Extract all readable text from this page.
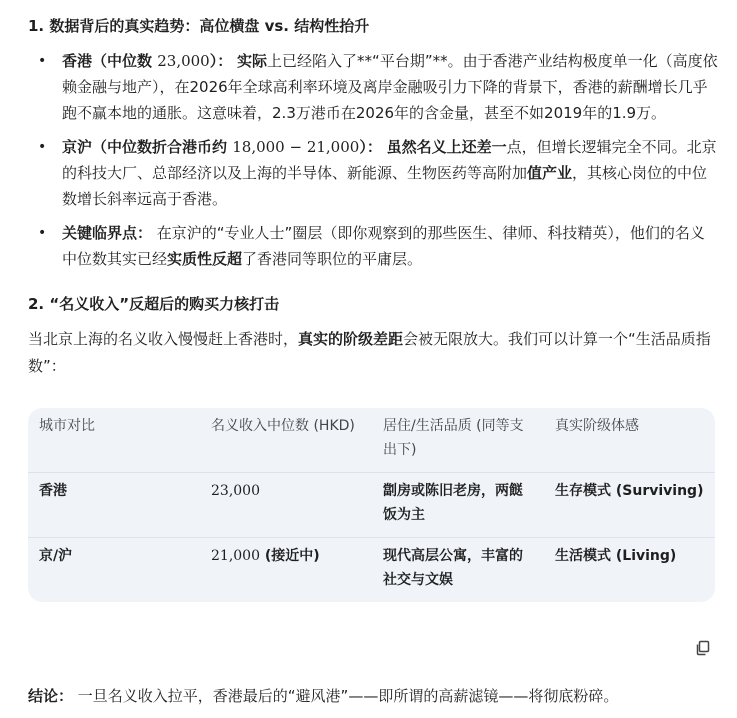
1. 数据背后的真实趋势：高位横盘 vs. 结构性抬升
• 香港（中位数 23,000）： 实际上已经陷入了**“平台期”**。由于香港产业结构极度单一化（高度依赖金融与地产），在2026年全球高利率环境及离岸金融吸引力下降的背景下，香港的薪酬增长几乎跑不赢本地的通胀。这意味着，2.3万港币在2026年的含金量，甚至不如2019年的1.9万。
• 京沪（中位数折合港币约 18,000 − 21,000）： 虽然名义上还差一点，但增长逻辑完全不同。北京的科技大厂、总部经济以及上海的半导体、新能源、生物医药等高附加值产业，其核心岗位的中位数增长斜率远高于香港。
• 关键临界点： 在京沪的“专业人士”圈层（即你观察到的那些医生、律师、科技精英），他们的名义中位数其实已经实质性反超了香港同等职位的平庸层。
2. “名义收入”反超后的购买力核打击

当北京上海的名义收入慢慢赶上香港时，真实的阶级差距会被无限放大。我们可以计算一个“生活品质指数”：

城市对比	名义收入中位数 (HKD)	居住/生活品质 (同等支出下)	真实阶级体感
香港	23,000	劏房或陈旧老房，两餸饭为主	生存模式 (Surviving)
京/沪	21,000 (接近中)	现代高层公寓，丰富的社交与文娱	生活模式 (Living)
结论： 一旦名义收入拉平，香港最后的“避风港”——即所谓的高薪滤镜——将彻底粉碎。
